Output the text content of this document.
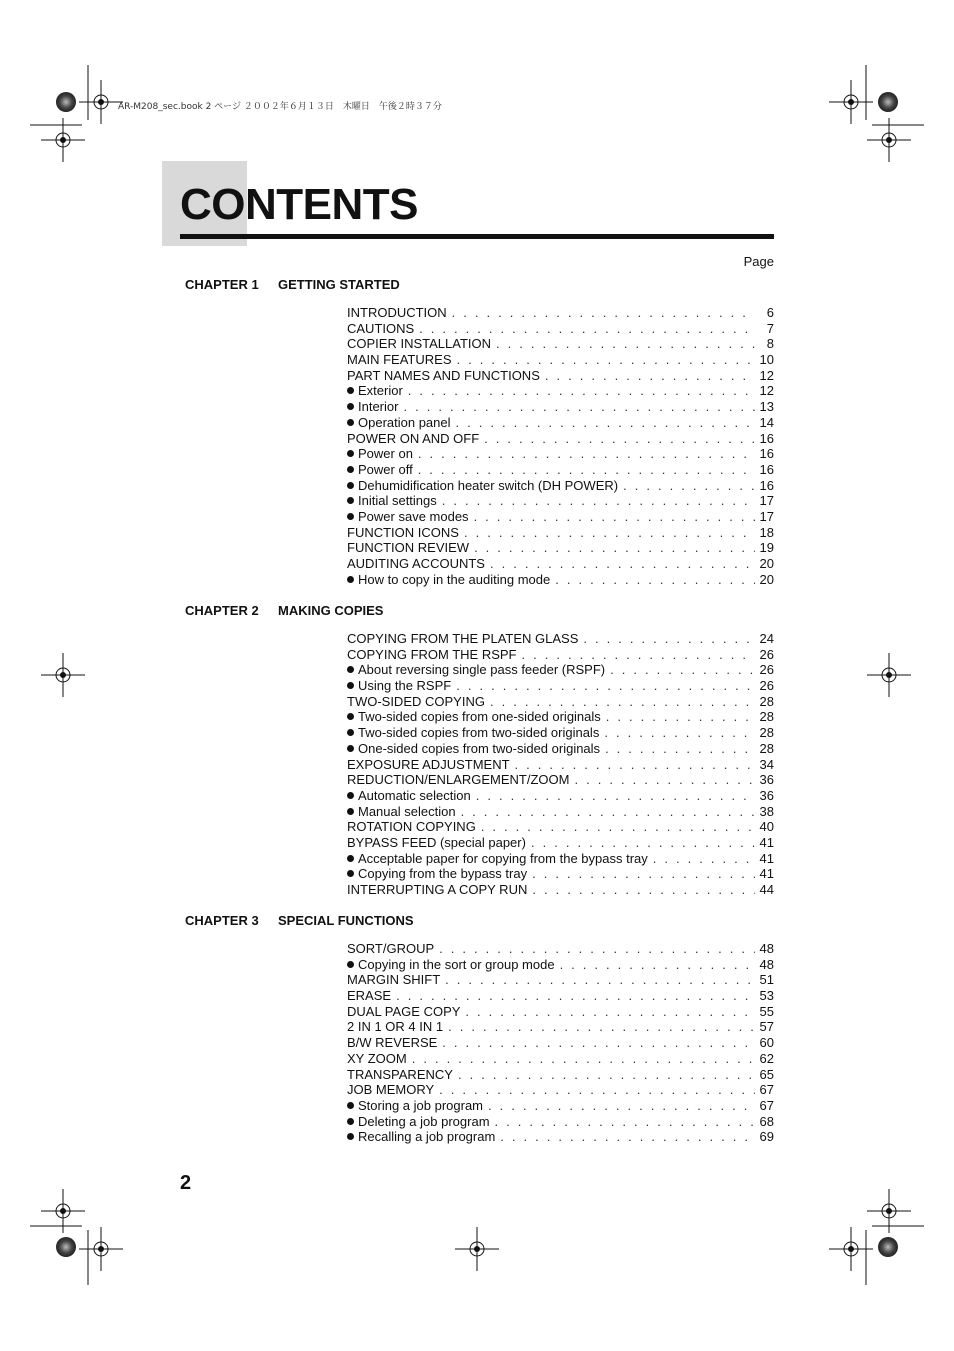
AR-M208_sec.book 2 ページ ２００２年６月１３日　木曜日　午後２時３７分
CONTENTS
Page
CHAPTER 1	GETTING STARTED
INTRODUCTION . . .	6
CAUTIONS . . .	7
COPIER INSTALLATION . . .	8
MAIN FEATURES . . .	10
PART NAMES AND FUNCTIONS . . .	12
Exterior . . .	12
Interior . . .	13
Operation panel . . .	14
POWER ON AND OFF . . .	16
Power on . . .	16
Power off . . .	16
Dehumidification heater switch (DH POWER) . . .	16
Initial settings . . .	17
Power save modes . . .	17
FUNCTION ICONS . . .	18
FUNCTION REVIEW . . .	19
AUDITING ACCOUNTS . . .	20
How to copy in the auditing mode . . .	20
CHAPTER 2	MAKING COPIES
COPYING FROM THE PLATEN GLASS . . .	24
COPYING FROM THE RSPF . . .	26
About reversing single pass feeder (RSPF) . . .	26
Using the RSPF . . .	26
TWO-SIDED COPYING . . .	28
Two-sided copies from one-sided originals . . .	28
Two-sided copies from two-sided originals . . .	28
One-sided copies from two-sided originals . . .	28
EXPOSURE ADJUSTMENT . . .	34
REDUCTION/ENLARGEMENT/ZOOM . . .	36
Automatic selection . . .	36
Manual selection . . .	38
ROTATION COPYING . . .	40
BYPASS FEED (special paper) . . .	41
Acceptable paper for copying from the bypass tray . . .	41
Copying from the bypass tray . . .	41
INTERRUPTING A COPY RUN . . .	44
CHAPTER 3	SPECIAL FUNCTIONS
SORT/GROUP . . .	48
Copying in the sort or group mode . . .	48
MARGIN SHIFT . . .	51
ERASE . . .	53
DUAL PAGE COPY . . .	55
2 IN 1 OR 4 IN 1 . . .	57
B/W REVERSE . . .	60
XY ZOOM . . .	62
TRANSPARENCY . . .	65
JOB MEMORY . . .	67
Storing a job program . . .	67
Deleting a job program . . .	68
Recalling a job program . . .	69
2
